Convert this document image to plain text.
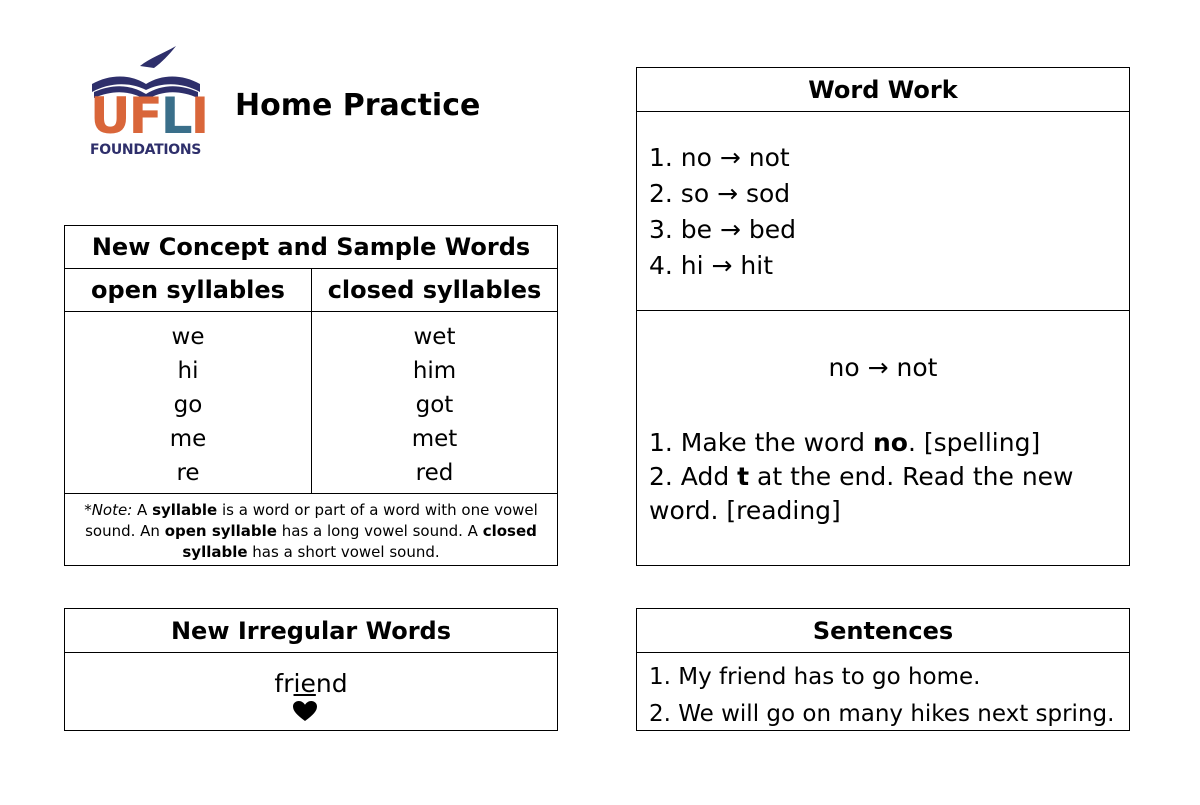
UFLI
FOUNDATIONS
Home Practice
New Concept and Sample Words
open syllables	closed syllables
we
hi
go
me
re
wet
him
got
met
red
*Note: A syllable is a word or part of a word with one vowel sound. An open syllable has a long vowel sound. A closed syllable has a short vowel sound.
New Irregular Words
friend
Word Work
1. no → not
2. so → sod
3. be → bed
4. hi → hit
no → not
1. Make the word no. [spelling]
2. Add t at the end. Read the new word. [reading]
Sentences
1. My friend has to go home.
2. We will go on many hikes next spring.
